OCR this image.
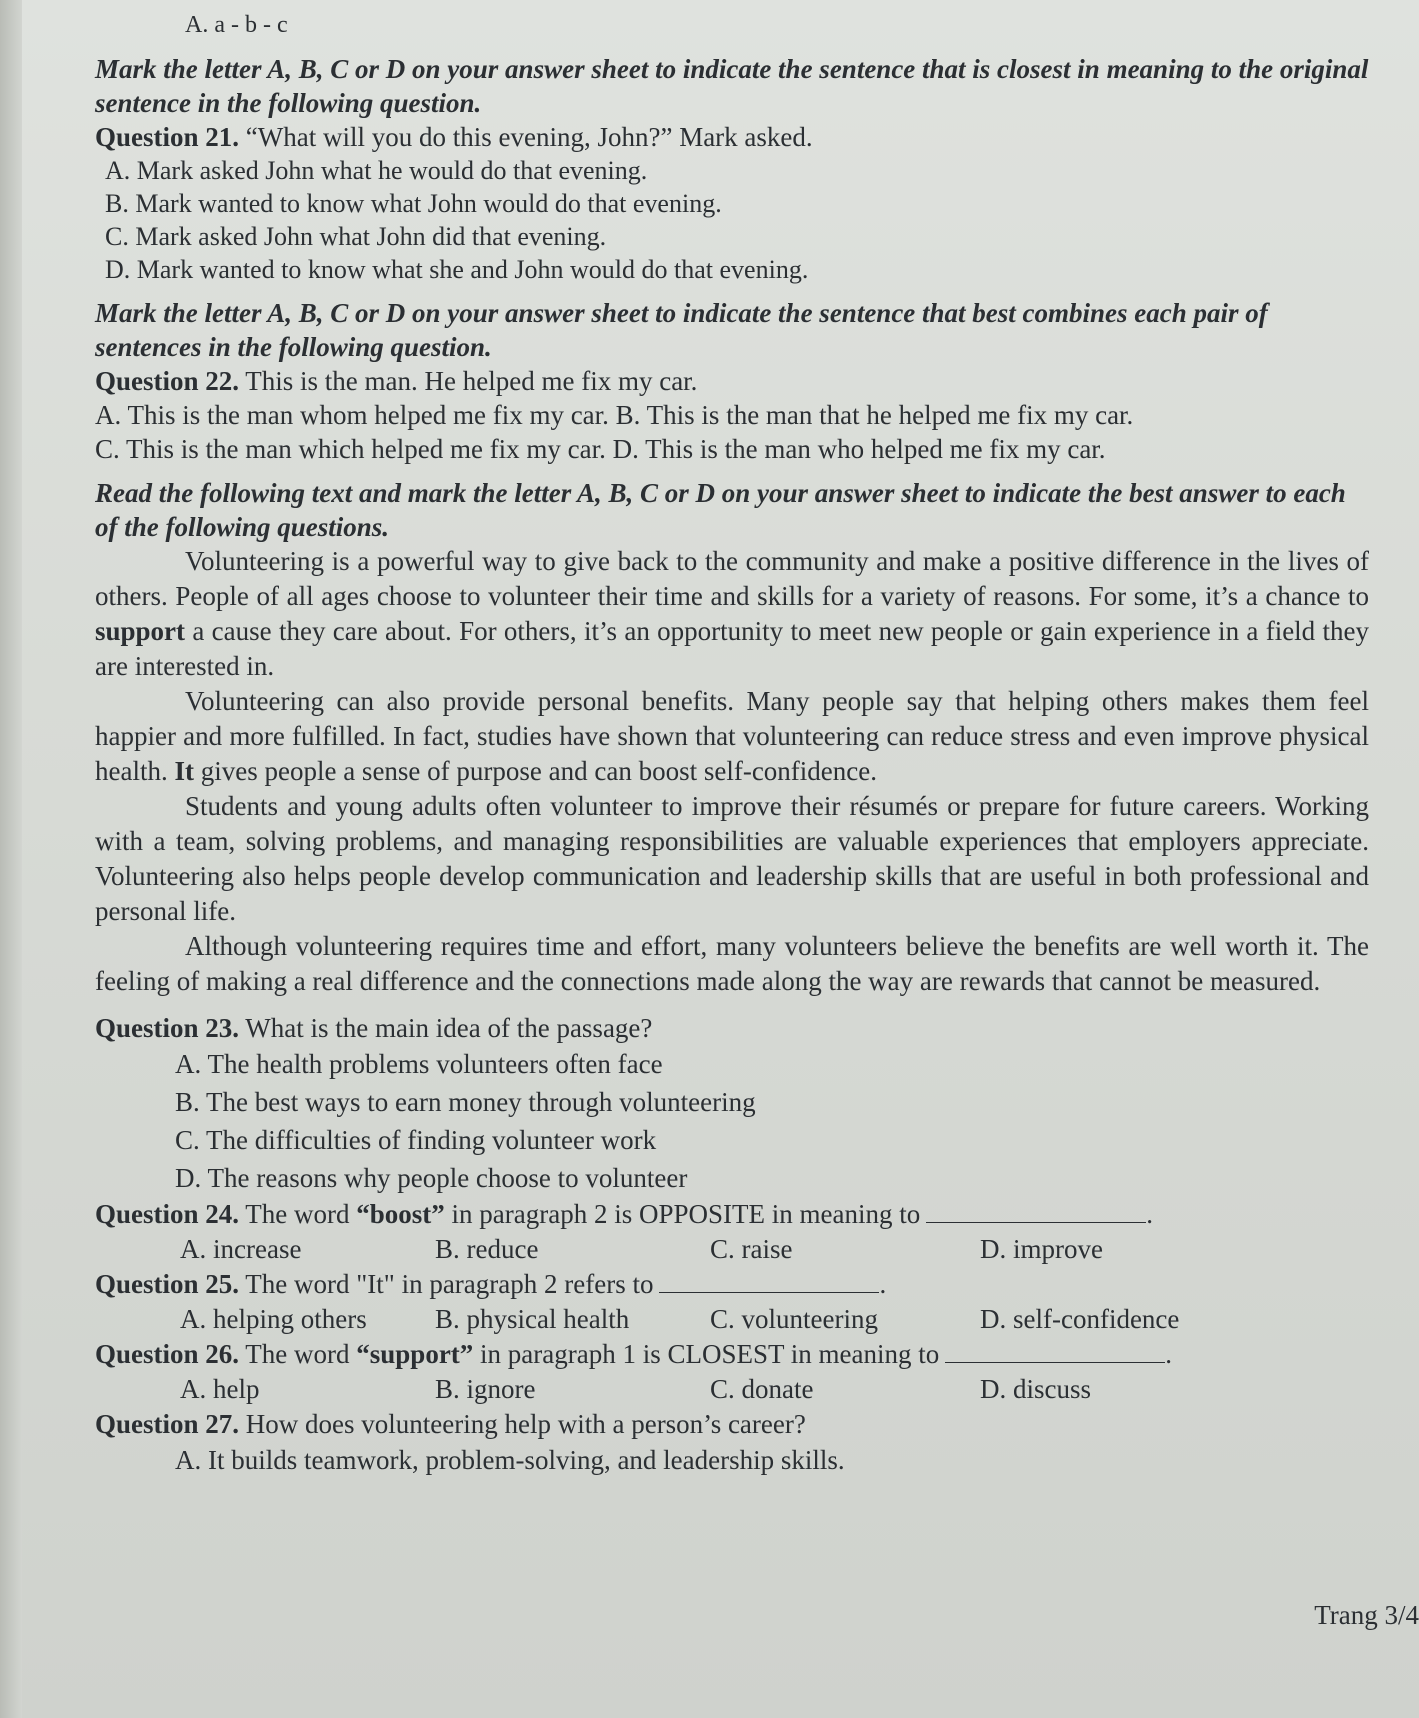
A. a - b - c
Mark the letter A, B, C or D on your answer sheet to indicate the sentence that is closest in meaning to the original sentence in the following question.
Question 21. “What will you do this evening, John?” Mark asked.
A. Mark asked John what he would do that evening.
B. Mark wanted to know what John would do that evening.
C. Mark asked John what John did that evening.
D. Mark wanted to know what she and John would do that evening.
Mark the letter A, B, C or D on your answer sheet to indicate the sentence that best combines each pair of sentences in the following question.
Question 22. This is the man. He helped me fix my car.
A. This is the man whom helped me fix my car. B. This is the man that he helped me fix my car.
C. This is the man which helped me fix my car. D. This is the man who helped me fix my car.
Read the following text and mark the letter A, B, C or D on your answer sheet to indicate the best answer to each of the following questions.
Volunteering is a powerful way to give back to the community and make a positive difference in the lives of others. People of all ages choose to volunteer their time and skills for a variety of reasons. For some, it’s a chance to support a cause they care about. For others, it’s an opportunity to meet new people or gain experience in a field they are interested in.
Volunteering can also provide personal benefits. Many people say that helping others makes them feel happier and more fulfilled. In fact, studies have shown that volunteering can reduce stress and even improve physical health. It gives people a sense of purpose and can boost self-confidence.
Students and young adults often volunteer to improve their résumés or prepare for future careers. Working with a team, solving problems, and managing responsibilities are valuable experiences that employers appreciate. Volunteering also helps people develop communication and leadership skills that are useful in both professional and personal life.
Although volunteering requires time and effort, many volunteers believe the benefits are well worth it. The feeling of making a real difference and the connections made along the way are rewards that cannot be measured.
Question 23. What is the main idea of the passage?
A. The health problems volunteers often face
B. The best ways to earn money through volunteering
C. The difficulties of finding volunteer work
D. The reasons why people choose to volunteer
Question 24. The word “boost” in paragraph 2 is OPPOSITE in meaning to	.
A. increase	B. reduce	C. raise	D. improve
Question 25. The word "It" in paragraph 2 refers to	.
A. helping others	B. physical health	C. volunteering	D. self-confidence
Question 26. The word “support” in paragraph 1 is CLOSEST in meaning to	.
A. help	B. ignore	C. donate	D. discuss
Question 27. How does volunteering help with a person’s career?
A. It builds teamwork, problem-solving, and leadership skills.
Trang 3/4
